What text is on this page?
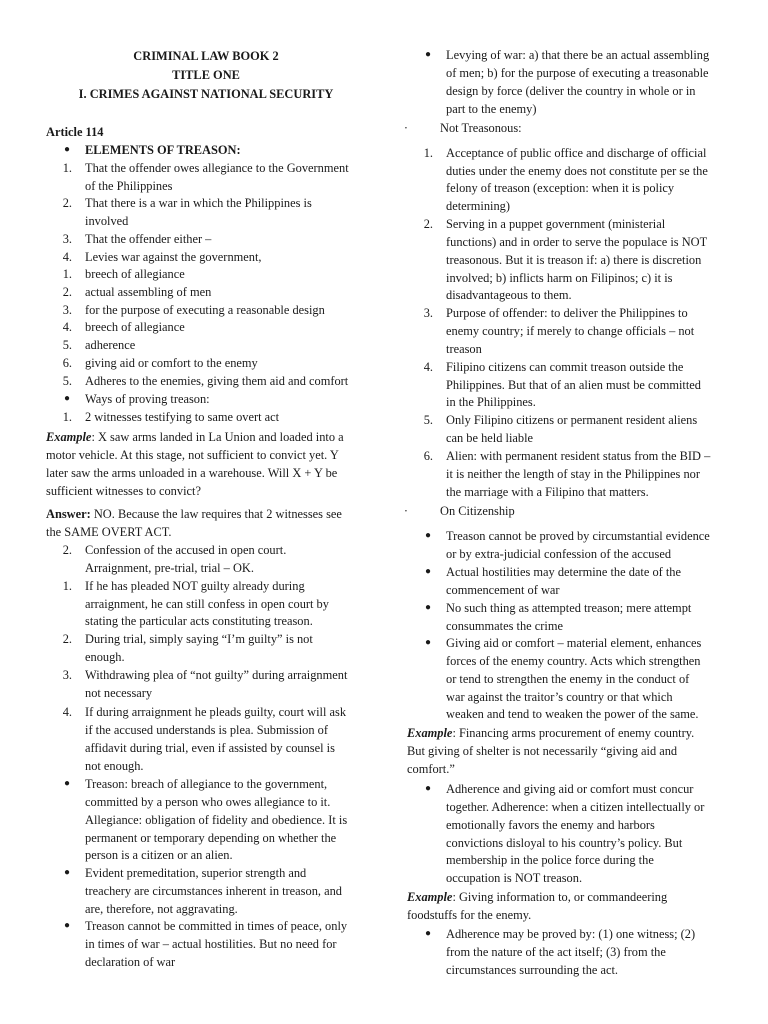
CRIMINAL LAW BOOK 2
TITLE ONE
I. CRIMES AGAINST NATIONAL SECURITY
Article 114
● ELEMENTS OF TREASON:
1. That the offender owes allegiance to the Government
of the Philippines
2. That there is a war in which the Philippines is
involved
3. That the offender either –
4. Levies war against the government,
1. breech of allegiance
2. actual assembling of men
3. for the purpose of executing a reasonable design
4. breech of allegiance
5. adherence
6. giving aid or comfort to the enemy
5. Adheres to the enemies, giving them aid and comfort
● Ways of proving treason:
1. 2 witnesses testifying to same overt act
Example: X saw arms landed in La Union and loaded into a
motor vehicle. At this stage, not sufficient to convict yet. Y
later saw the arms unloaded in a warehouse. Will X + Y be
sufficient witnesses to convict?
Answer: NO. Because the law requires that 2 witnesses see
the SAME OVERT ACT.
2. Confession of the accused in open court.
Arraignment, pre-trial, trial – OK.
1. If he has pleaded NOT guilty already during
arraignment, he can still confess in open court by
stating the particular acts constituting treason.
2. During trial, simply saying “I’m guilty” is not
enough.
3. Withdrawing plea of “not guilty” during arraignment
not necessary
4. If during arraignment he pleads guilty, court will ask
if the accused understands is plea. Submission of
affidavit during trial, even if assisted by counsel is
not enough.
● Treason: breach of allegiance to the government,
committed by a person who owes allegiance to it.
Allegiance: obligation of fidelity and obedience. It is
permanent or temporary depending on whether the
person is a citizen or an alien.
● Evident premeditation, superior strength and
treachery are circumstances inherent in treason, and
are, therefore, not aggravating.
● Treason cannot be committed in times of peace, only
in times of war – actual hostilities. But no need for
declaration of war
● Levying of war: a) that there be an actual assembling
of men; b) for the purpose of executing a treasonable
design by force (deliver the country in whole or in
part to the enemy)
·	Not Treasonous:
1. Acceptance of public office and discharge of official
duties under the enemy does not constitute per se the
felony of treason (exception: when it is policy
determining)
2. Serving in a puppet government (ministerial
functions) and in order to serve the populace is NOT
treasonous. But it is treason if: a) there is discretion
involved; b) inflicts harm on Filipinos; c) it is
disadvantageous to them.
3. Purpose of offender: to deliver the Philippines to
enemy country; if merely to change officials – not
treason
4. Filipino citizens can commit treason outside the
Philippines. But that of an alien must be committed
in the Philippines.
5. Only Filipino citizens or permanent resident aliens
can be held liable
6. Alien: with permanent resident status from the BID –
it is neither the length of stay in the Philippines nor
the marriage with a Filipino that matters.
·	On Citizenship
● Treason cannot be proved by circumstantial evidence
or by extra-judicial confession of the accused
● Actual hostilities may determine the date of the
commencement of war
● No such thing as attempted treason; mere attempt
consummates the crime
● Giving aid or comfort – material element, enhances
forces of the enemy country. Acts which strengthen
or tend to strengthen the enemy in the conduct of
war against the traitor’s country or that which
weaken and tend to weaken the power of the same.
Example: Financing arms procurement of enemy country.
But giving of shelter is not necessarily “giving aid and
comfort.”
● Adherence and giving aid or comfort must concur
together. Adherence: when a citizen intellectually or
emotionally favors the enemy and harbors
convictions disloyal to his country’s policy. But
membership in the police force during the
occupation is NOT treason.
Example: Giving information to, or commandeering
foodstuffs for the enemy.
● Adherence may be proved by: (1) one witness; (2)
from the nature of the act itself; (3) from the
circumstances surrounding the act.
